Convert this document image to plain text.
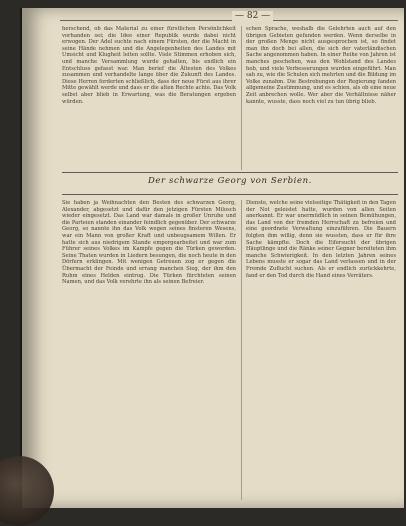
— 82 —

herschend, ob das Material zu einer fürstlichen Persönlichkeit vorhanden sei; die Idee einer Republik wurde dabei nicht erwogen. Der Adel suchte nach einem Fürsten, der die Macht in seine Hände nehmen und die Angelegenheiten des Landes mit Umsicht und Klugheit leiten sollte. Viele Stimmen erhoben sich, und manche Versammlung wurde gehalten, bis endlich ein Entschluss gefasst war. Man berief die Ältesten des Volkes zusammen und verhandelte lange über die Zukunft des Landes. Diese Herren forderten schließlich, dass der neue Fürst aus ihrer Mitte gewählt werde und dass er die alten Rechte achte. Das Volk selbst aber blieb in Erwartung, was die Beratungen ergeben würden.

schen Sprache, weshalb die Gelehrten auch auf den übrigen Gebieten gefunden werden. Wenn derselbe in der großen Menge nicht ausgesprochen ist, so findet man ihn doch bei allen, die sich der vaterländischen Sache angenommen haben. In einer Reihe von Jahren ist manches geschehen, was den Wohlstand des Landes hob, und viele Verbesserungen wurden eingeführt. Man sah zu, wie die Schulen sich mehrten und die Bildung im Volke zunahm. Die Bestrebungen der Regierung fanden allgemeine Zustimmung, und es schien, als ob eine neue Zeit anbrechen wolle. Wer aber die Verhältnisse näher kannte, wusste, dass noch viel zu tun übrig blieb.

Der schwarze Georg von Serbien.

Sie haben ja Weihnachten den Besten des schwarzen Georg, Alexander, abgesetzt und dafür den jetzigen Fürsten Milosch wieder eingesetzt. Das Land war damals in großer Unruhe und die Parteien standen einander feindlich gegenüber. Der schwarze Georg, so nannte ihn das Volk wegen seines finsteren Wesens, war ein Mann von großer Kraft und unbeugsamem Willen. Er hatte sich aus niedrigem Stande emporgearbeitet und war zum Führer seines Volkes im Kampfe gegen die Türken geworden. Seine Thaten wurden in Liedern besungen, die noch heute in den Dörfern erklingen. Mit wenigen Getreuen zog er gegen die Übermacht der Feinde und errang manchen Sieg, der ihm den Ruhm eines Helden eintrug. Die Türken fürchteten seinen Namen, und das Volk verehrte ihn als seinen Befreier.

Dienste, welche seine vielseitige Thätigkeit in den Tagen der Not geleistet hatte, wurden von allen Seiten anerkannt. Er war unermüdlich in seinen Bemühungen, das Land von der fremden Herrschaft zu befreien und eine geordnete Verwaltung einzuführen. Die Bauern folgten ihm willig, denn sie wussten, dass er für ihre Sache kämpfte. Doch die Eifersucht der übrigen Häuptlinge und die Ränke seiner Gegner bereiteten ihm manche Schwierigkeit. In den letzten Jahren seines Lebens musste er sogar das Land verlassen und in der Fremde Zuflucht suchen. Als er endlich zurückkehrte, fand er den Tod durch die Hand eines Verräters.
